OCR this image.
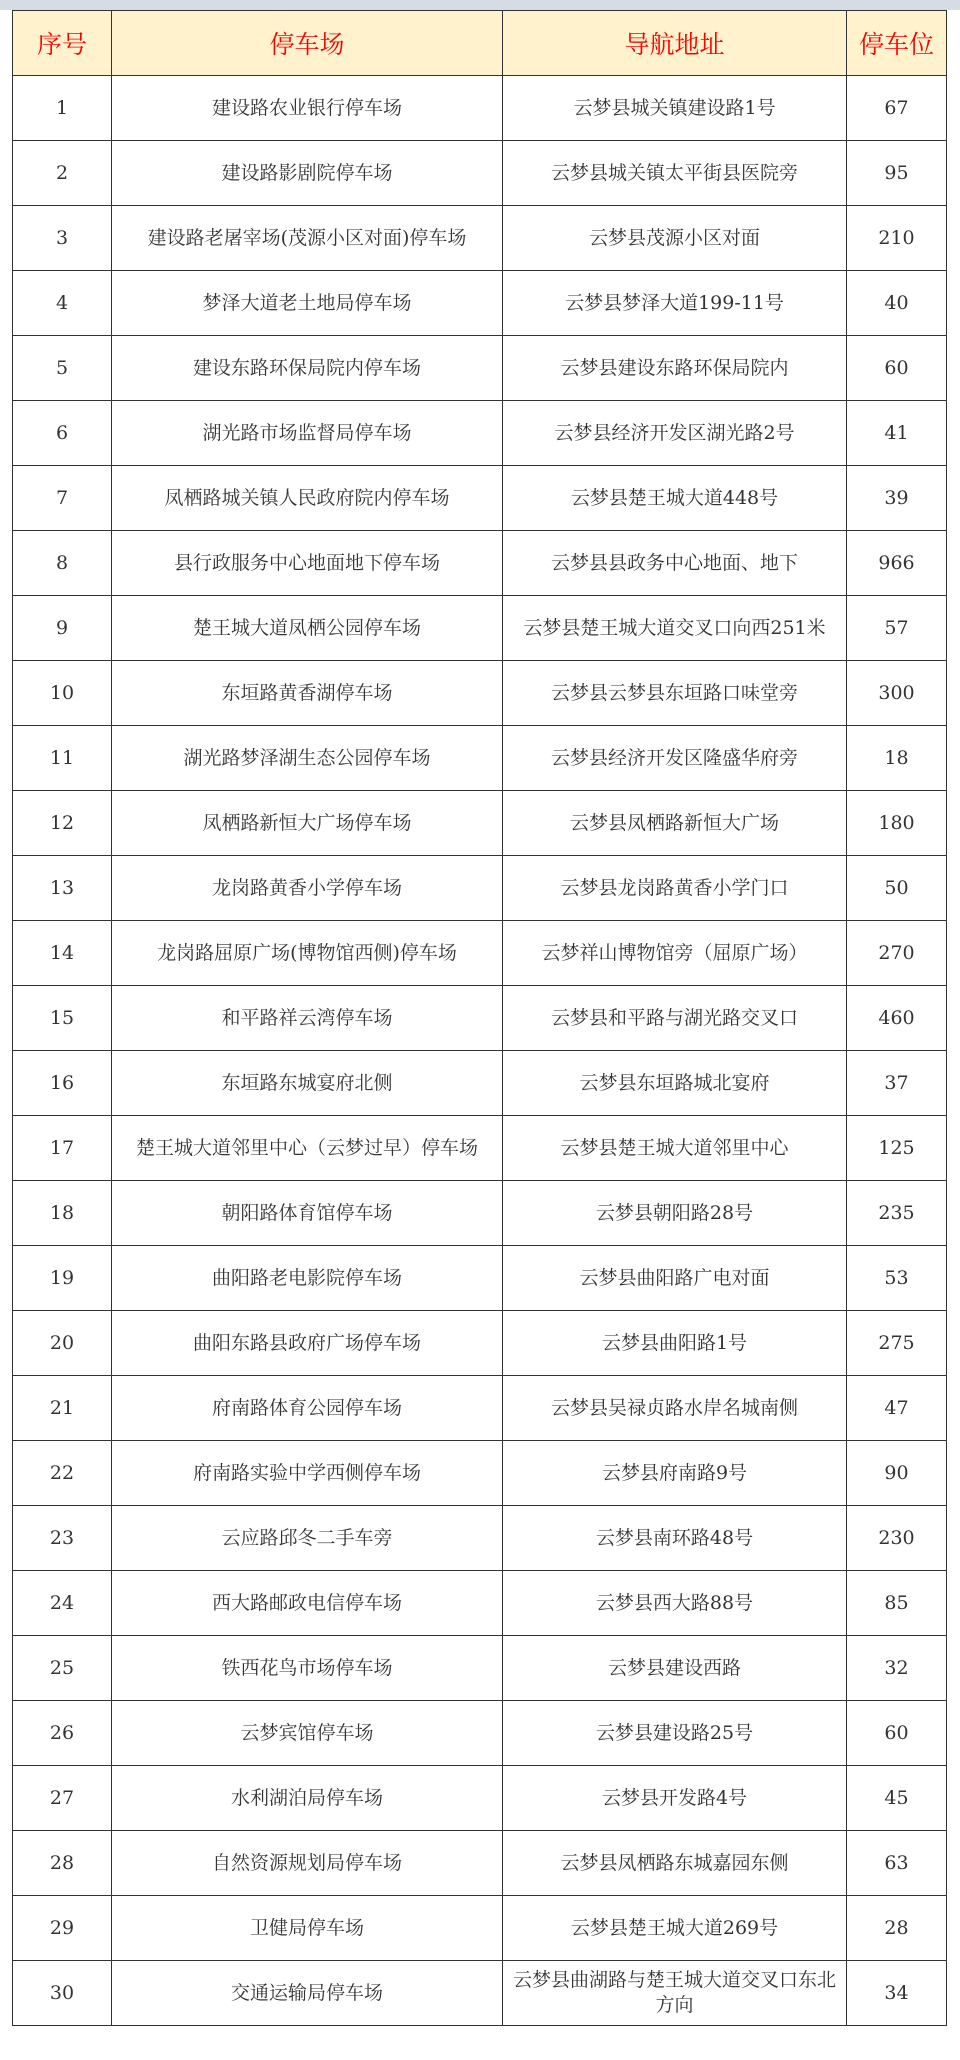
序号	停车场	导航地址	停车位
1	建设路农业银行停车场	云梦县城关镇建设路1号	67
2	建设路影剧院停车场	云梦县城关镇太平街县医院旁	95
3	建设路老屠宰场(茂源小区对面)停车场	云梦县茂源小区对面	210
4	梦泽大道老土地局停车场	云梦县梦泽大道199-11号	40
5	建设东路环保局院内停车场	云梦县建设东路环保局院内	60
6	湖光路市场监督局停车场	云梦县经济开发区湖光路2号	41
7	凤栖路城关镇人民政府院内停车场	云梦县楚王城大道448号	39
8	县行政服务中心地面地下停车场	云梦县县政务中心地面、地下	966
9	楚王城大道凤栖公园停车场	云梦县楚王城大道交叉口向西251米	57
10	东垣路黄香湖停车场	云梦县云梦县东垣路口味堂旁	300
11	湖光路梦泽湖生态公园停车场	云梦县经济开发区隆盛华府旁	18
12	凤栖路新恒大广场停车场	云梦县凤栖路新恒大广场	180
13	龙岗路黄香小学停车场	云梦县龙岗路黄香小学门口	50
14	龙岗路屈原广场(博物馆西侧)停车场	云梦祥山博物馆旁（屈原广场）	270
15	和平路祥云湾停车场	云梦县和平路与湖光路交叉口	460
16	东垣路东城宴府北侧	云梦县东垣路城北宴府	37
17	楚王城大道邻里中心（云梦过早）停车场	云梦县楚王城大道邻里中心	125
18	朝阳路体育馆停车场	云梦县朝阳路28号	235
19	曲阳路老电影院停车场	云梦县曲阳路广电对面	53
20	曲阳东路县政府广场停车场	云梦县曲阳路1号	275
21	府南路体育公园停车场	云梦县吴禄贞路水岸名城南侧	47
22	府南路实验中学西侧停车场	云梦县府南路9号	90
23	云应路邱冬二手车旁	云梦县南环路48号	230
24	西大路邮政电信停车场	云梦县西大路88号	85
25	铁西花鸟市场停车场	云梦县建设西路	32
26	云梦宾馆停车场	云梦县建设路25号	60
27	水利湖泊局停车场	云梦县开发路4号	45
28	自然资源规划局停车场	云梦县凤栖路东城嘉园东侧	63
29	卫健局停车场	云梦县楚王城大道269号	28
30	交通运输局停车场	云梦县曲湖路与楚王城大道交叉口东北方向	34
